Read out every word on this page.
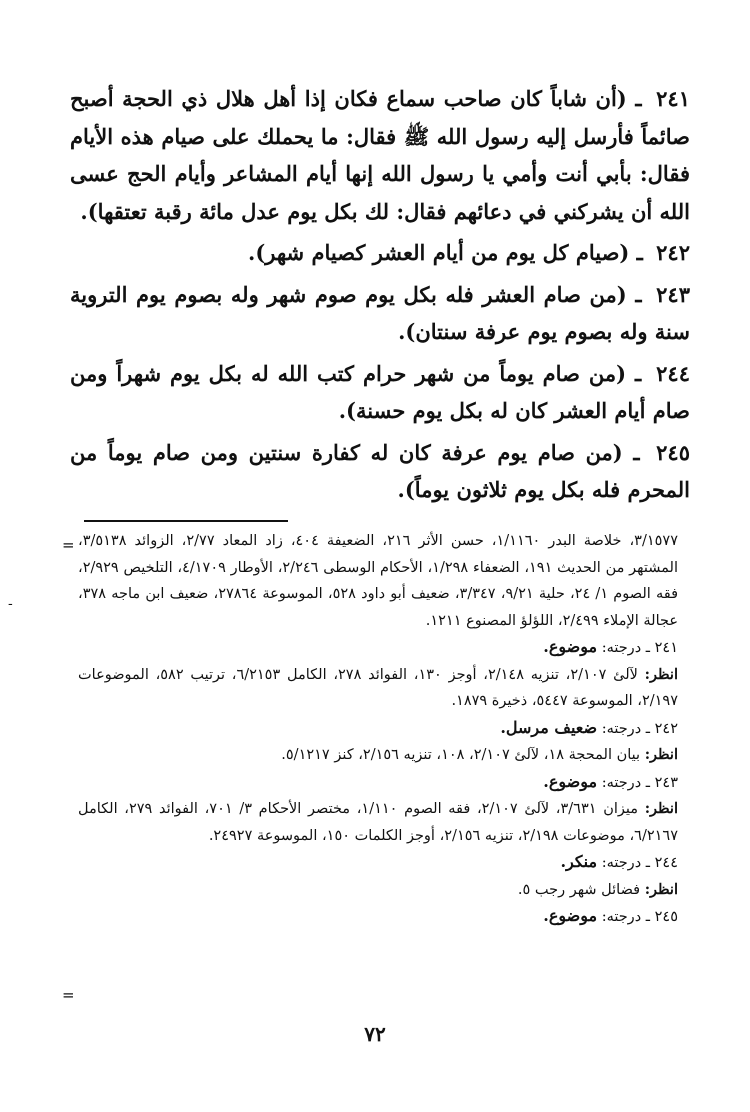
٢٤١ ـ (أن شاباً كان صاحب سماع فكان إذا أهل هلال ذي الحجة أصبح صائماً فأرسل إليه رسول الله ﷺ فقال: ما يحملك على صيام هذه الأيام فقال: بأبي أنت وأمي يا رسول الله إنها أيام المشاعر وأيام الحج عسى الله أن يشركني في دعائهم فقال: لك بكل يوم عدل مائة رقبة تعتقها).

٢٤٢ ـ (صيام كل يوم من أيام العشر كصيام شهر).

٢٤٣ ـ (من صام العشر فله بكل يوم صوم شهر وله بصوم يوم التروية سنة وله بصوم يوم عرفة سنتان).

٢٤٤ ـ (من صام يوماً من شهر حرام كتب الله له بكل يوم شهراً ومن صام أيام العشر كان له بكل يوم حسنة).

٢٤٥ ـ (من صام يوم عرفة كان له كفارة سنتين ومن صام يوماً من المحرم فله بكل يوم ثلاثون يوماً).

=
-

٣/١٥٧٧، خلاصة البدر ١/١١٦٠، حسن الأثر ٢١٦، الضعيفة ٤٠٤، زاد المعاد ٢/٧٧، الزوائد ٣/٥١٣٨، المشتهر من الحديث ١٩١، الضعفاء ١/٢٩٨، الأحكام الوسطى ٢/٢٤٦، الأوطار ٤/١٧٠٩، التلخيص ٢/٩٢٩، فقه الصوم ١/ ٢٤، حلية ٩/٢١، ٣/٣٤٧، ضعيف أبو داود ٥٢٨، الموسوعة ٢٧٨٦٤، ضعيف ابن ماجه ٣٧٨، عجالة الإملاء ٢/٤٩٩، اللؤلؤ المصنوع ١٢١١.

٢٤١ ـ درجته: موضوع.

انظر: لآلئ ٢/١٠٧، تنزيه ٢/١٤٨، أوجز ١٣٠، الفوائد ٢٧٨، الكامل ٦/٢١٥٣، ترتيب ٥٨٢، الموضوعات ٢/١٩٧، الموسوعة ٥٤٤٧، ذخيرة ١٨٧٩.

٢٤٢ ـ درجته: ضعيف مرسل.

انظر: بيان المحجة ١٨، لآلئ ٢/١٠٧، ١٠٨، تنزيه ٢/١٥٦، كنز ٥/١٢١٧.

٢٤٣ ـ درجته: موضوع.

انظر: ميزان ٣/٦٣١، لآلئ ٢/١٠٧، فقه الصوم ١/١١٠، مختصر الأحكام ٣/ ٧٠١، الفوائد ٢٧٩، الكامل ٦/٢١٦٧، موضوعات ٢/١٩٨، تنزيه ٢/١٥٦، أوجز الكلمات ١٥٠، الموسوعة ٢٤٩٢٧.

٢٤٤ ـ درجته: منكر.

انظر: فضائل شهر رجب ٥.

٢٤٥ ـ درجته: موضوع.

=
٧٢
